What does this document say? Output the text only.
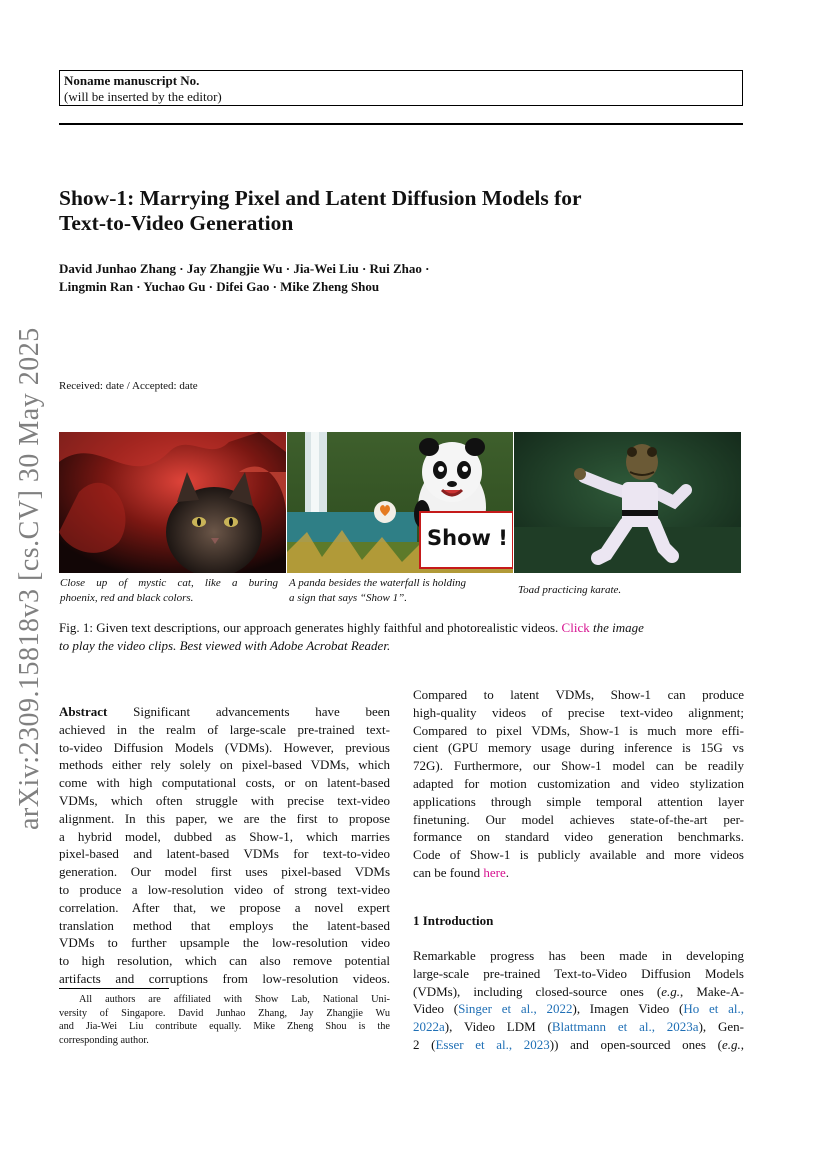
Noname manuscript No.
(will be inserted by the editor)
Show-1: Marrying Pixel and Latent Diffusion Models for
Text-to-Video Generation
David Junhao Zhang · Jay Zhangjie Wu · Jia-Wei Liu · Rui Zhao ·
Lingmin Ran · Yuchao Gu · Difei Gao · Mike Zheng Shou
Received: date / Accepted: date
arXiv:2309.15818v3 [cs.CV] 30 May 2025	Show !
Close up of mystic cat, like a buring
phoenix, red and black colors.
A panda besides the waterfall is holding
a sign that says “Show 1”.
Toad practicing karate.
Fig. 1: Given text descriptions, our approach generates highly faithful and photorealistic videos. Click the image
to play the video clips. Best viewed with Adobe Acrobat Reader.
Abstract Significant advancements have been
achieved in the realm of large-scale pre-trained text-
to-video Diffusion Models (VDMs). However, previous
methods either rely solely on pixel-based VDMs, which
come with high computational costs, or on latent-based
VDMs, which often struggle with precise text-video
alignment. In this paper, we are the first to propose
a hybrid model, dubbed as Show-1, which marries
pixel-based and latent-based VDMs for text-to-video
generation. Our model first uses pixel-based VDMs
to produce a low-resolution video of strong text-video
correlation. After that, we propose a novel expert
translation method that employs the latent-based
VDMs to further upsample the low-resolution video
to high resolution, which can also remove potential
artifacts and corruptions from low-resolution videos.
Compared to latent VDMs, Show-1 can produce
high-quality videos of precise text-video alignment;
Compared to pixel VDMs, Show-1 is much more effi-
cient (GPU memory usage during inference is 15G vs
72G). Furthermore, our Show-1 model can be readily
adapted for motion customization and video stylization
applications through simple temporal attention layer
finetuning. Our model achieves state-of-the-art per-
formance on standard video generation benchmarks.
Code of Show-1 is publicly available and more videos
can be found here.
All authors are affiliated with Show Lab, National Uni-
versity of Singapore. David Junhao Zhang, Jay Zhangjie Wu
and Jia-Wei Liu contribute equally. Mike Zheng Shou is the
corresponding author.
1 Introduction
Remarkable progress has been made in developing
large-scale pre-trained Text-to-Video Diffusion Models
(VDMs), including closed-source ones (e.g., Make-A-
Video (Singer et al., 2022), Imagen Video (Ho et al.,
2022a), Video LDM (Blattmann et al., 2023a), Gen-
2 (Esser et al., 2023)) and open-sourced ones (e.g.,
